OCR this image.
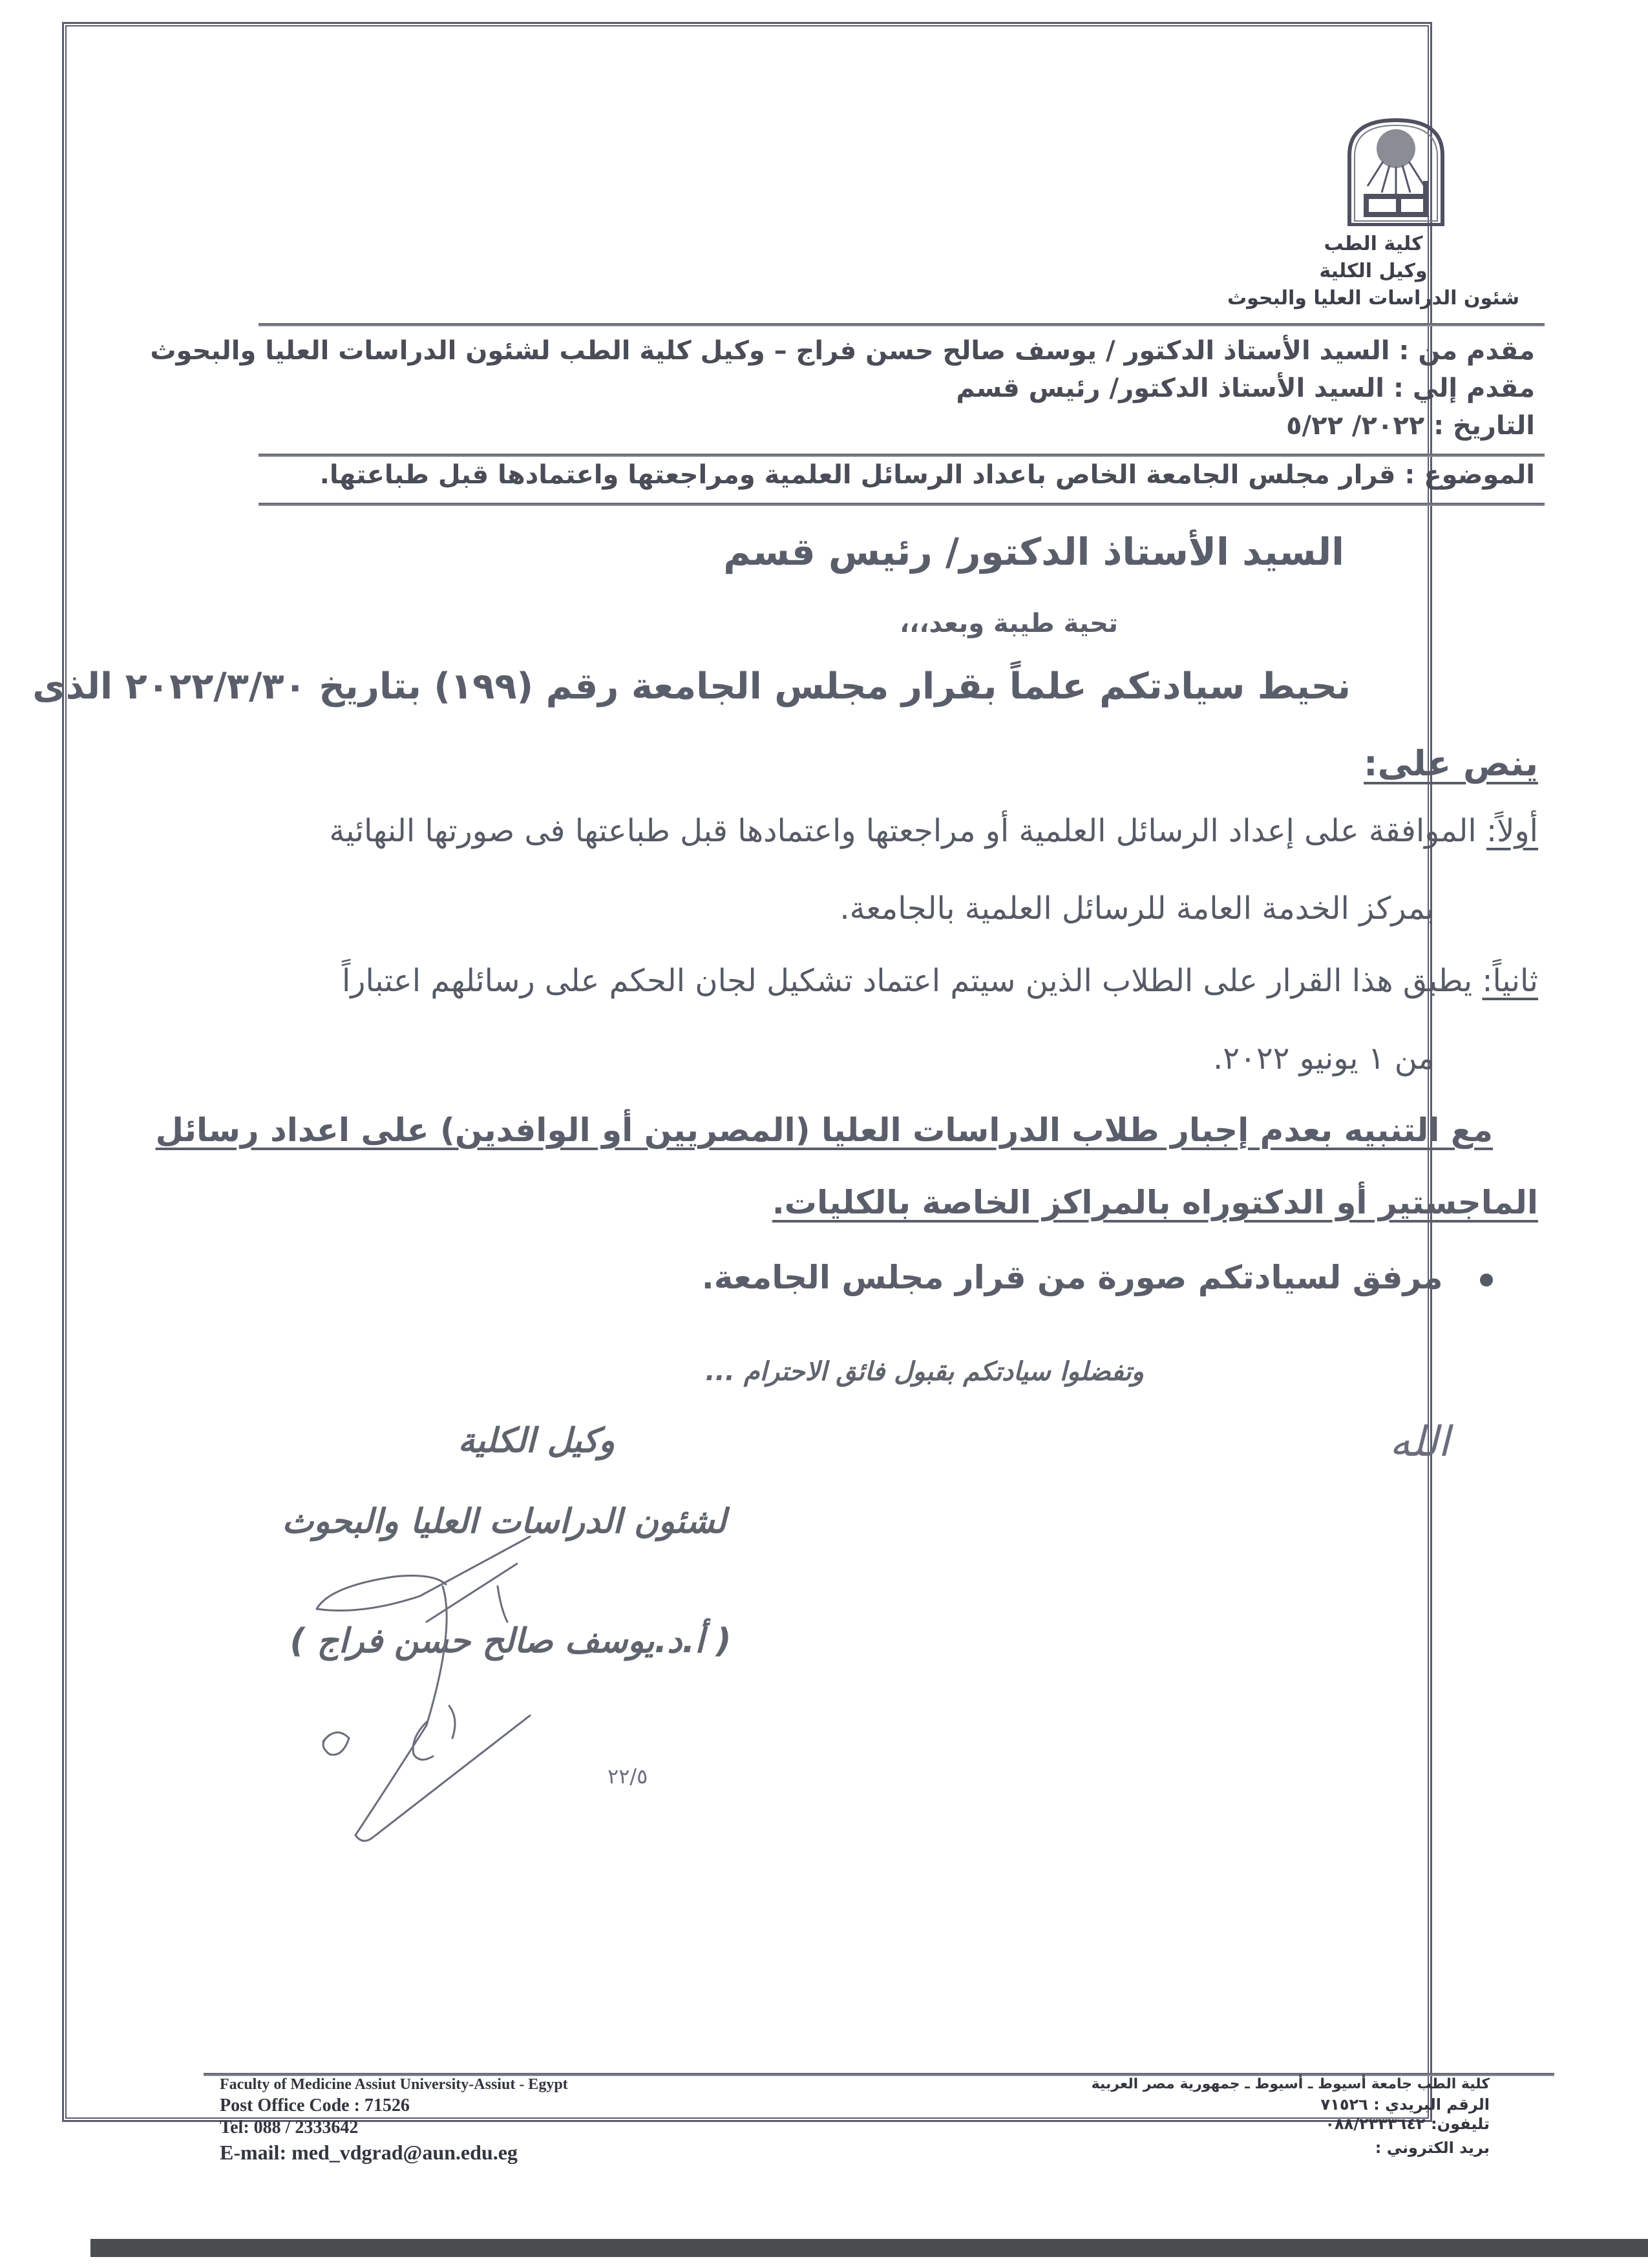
كلية الطب
وكيل الكلية
شئون الدراسات العليا والبحوث
مقدم من : السيد الأستاذ الدكتور / يوسف صالح حسن فراج – وكيل كلية الطب لشئون الدراسات العليا والبحوث
مقدم إلي : السيد الأستاذ الدكتور/ رئيس قسم
التاريخ : ٢٠٢٢/ ٥/٢٢
الموضوع : قرار مجلس الجامعة الخاص باعداد الرسائل العلمية ومراجعتها واعتمادها قبل طباعتها.
السيد الأستاذ الدكتور/ رئيس قسم
تحية طيبة وبعد،،،
نحيط سيادتكم علماً بقرار مجلس الجامعة رقم (١٩٩) بتاريخ ٢٠٢٢/٣/٣٠ الذى
ينص على:
أولاً: الموافقة على إعداد الرسائل العلمية أو مراجعتها واعتمادها قبل طباعتها فى صورتها النهائية
بمركز الخدمة العامة للرسائل العلمية بالجامعة.
ثانياً: يطبق هذا القرار على الطلاب الذين سيتم اعتماد تشكيل لجان الحكم على رسائلهم اعتباراً
من ١ يونيو ٢٠٢٢.
مع التنبيه بعدم إجبار طلاب الدراسات العليا (المصريين أو الوافدين) على اعداد رسائل
الماجستير أو الدكتوراه بالمراكز الخاصة بالكليات.
مرفق لسيادتكم صورة من قرار مجلس الجامعة.
وتفضلوا سيادتكم بقبول فائق الاحترام ...
وكيل الكلية
لشئون الدراسات العليا والبحوث
( أ.د.يوسف صالح حسن فراج )
٢٢/٥
الله
Faculty of Medicine Assiut University-Assiut - Egypt
Post Office Code : 71526
Tel: 088 / 2333642
E-mail: med_vdgrad@aun.edu.eg
كلية الطب جامعة أسيوط ـ أسيوط ـ جمهورية مصر العربية
الرقم البريدي : ٧١٥٢٦
تليفون: ٠٨٨/٢٣٣٣٦٤٢
بريد الكتروني :
